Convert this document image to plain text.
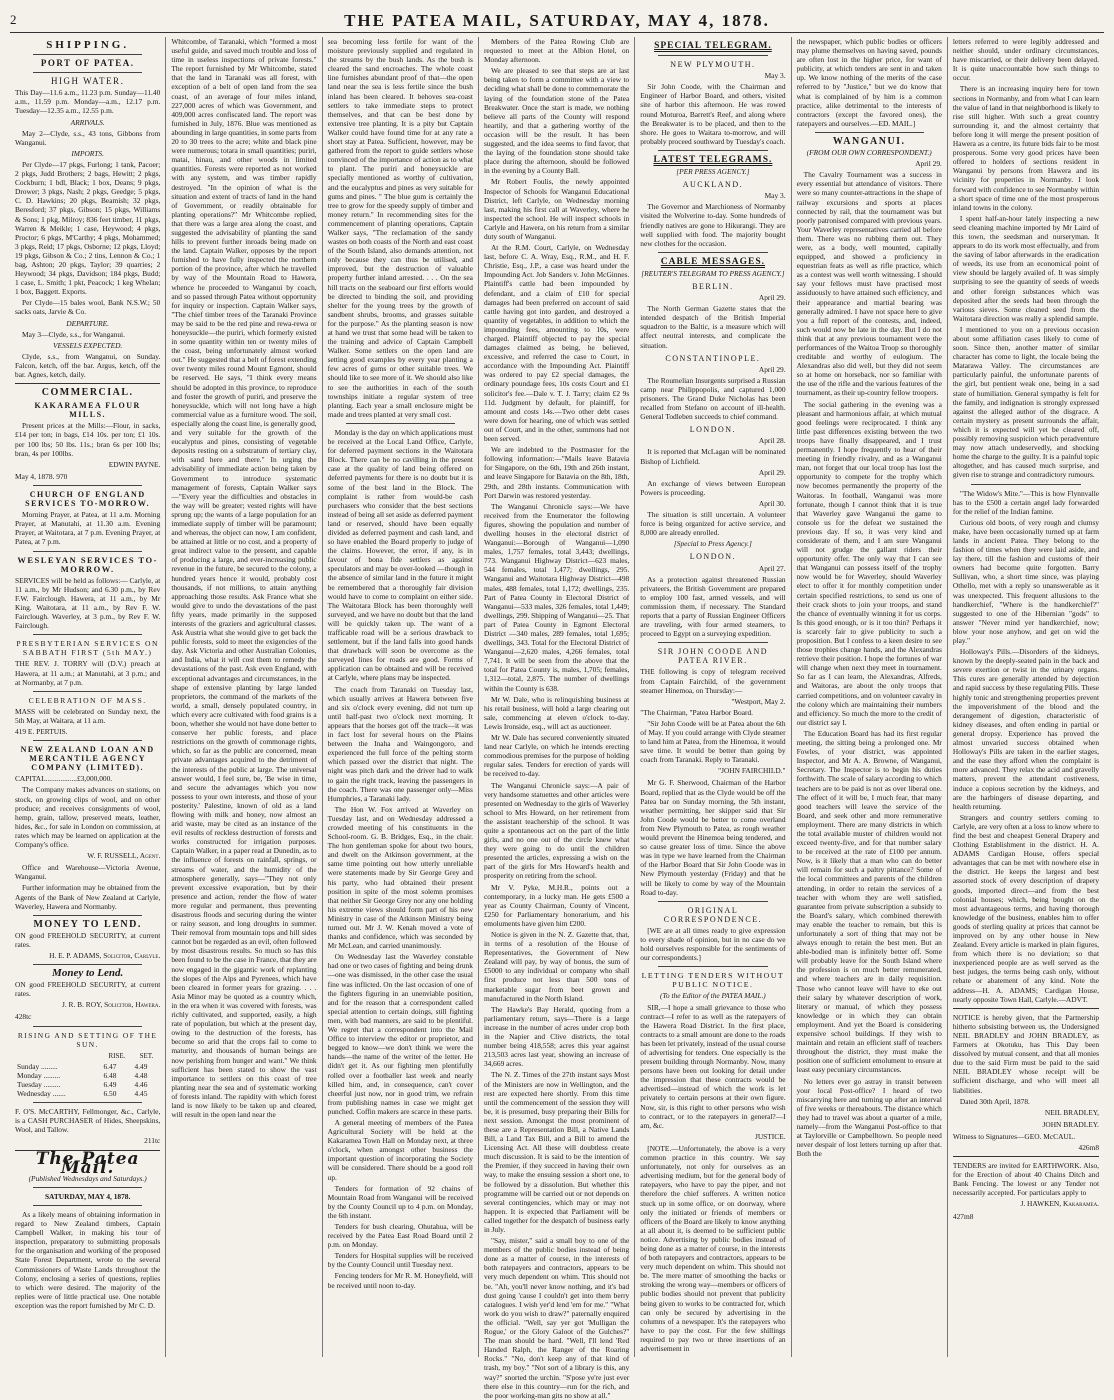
2	THE PATEA MAIL, SATURDAY, MAY 4, 1878.
SHIPPING.
PORT OF PATEA.
HIGH WATER.

This Day—11.6 a.m., 11.23 p.m. Sunday—11.40 a.m., 11.59 p.m. Monday—a.m., 12.17 p.m. Tuesday—12.35 a.m., 12.55 p.m.

ARRIVALS.

May 2—Clyde, s.s., 43 tons, Gibbons from Wanganui.

IMPORTS.

Per Clyde—17 pkgs, Furlong; 1 tank, Pacoer; 2 pkgs, Judd Brothers; 2 bags, Hewitt; 2 pkgs, Cockburn; 1 bdl, Black; 1 box, Deans; 9 pkgs, Drower; 3 pkgs, Nash; 2 pkgs, Geedge; 5 pkgs, C. D. Hawkins; 20 pkgs, Beamish; 32 pkgs, Beresford; 37 pkgs, Gibson; 15 pkgs, Williams & Sons; 1 pkg, Milroy; 836 feet timber, 11 pkgs, Warren & Meikle; 1 case, Heywood; 4 pkgs, Proctor; 6 pkgs, M'Carthy; 4 pkgs, Mohammed; 3 pkgs, Reid; 17 pkgs, Osborne; 12 pkgs, Lloyd; 19 pkgs, Gibson & Co.; 2 tins, Lennon & Co.; 1 bag, Ashton; 20 pkgs, Taylor; 39 quarries; 2 Heywood; 34 pkgs, Davidson; 184 pkgs, Budd; 1 case, L. Smith; 1 pkt, Peacock; 1 keg Whelan; 1 box, Baggett. Exports.

Per Clyde—15 bales wool, Bank N.S.W.; 50 sacks oats, Jarvie & Co.

DEPARTURE.

May 3—Clyde, s.s., for Wanganui.

VESSELS EXPECTED.

Clyde, s.s., from Wanganui, on Sunday. Falcon, ketch, off the bar. Argus, ketch, off the bar. Agnes, ketch, daily.

COMMERCIAL.
KAKARAMEA FLOUR MILLS.

Present prices at the Mills:—Flour, in sacks, £14 per ton; in bags, £14 10s. per ton; £1 10s. per 100 lbs; 50 lbs. 11s.; bran 6s per 100 lbs; bran, 4s per 100lbs.

EDWIN PAYNE.

May 4, 1878. 970

CHURCH OF ENGLAND SERVICES TO-MORROW.

Morning Prayer, at Patea, at 11 a.m. Morning Prayer, at Manutahi, at 11.30 a.m. Evening Prayer, at Waitotara, at 7 p.m. Evening Prayer, at Patea, at 7 p.m.

WESLEYAN SERVICES TO-MORROW.

SERVICES will be held as follows:— Carlyle, at 11 a.m., by Mr Hudson; and 6.30 p.m., by Rev F.W. Fairclough. Hawera, at 11 a.m., by Mr King. Waitotara, at 11 a.m., by Rev F. W. Fairclough. Waverley, at 3 p.m., by Rev F. W. Fairclough.

PRESBYTERIAN SERVICES ON SABBATH FIRST (5th MAY.)

THE REV. J. TORRY will (D.V.) preach at Hawera, at 11 a.m.; at Manutahi, at 3 p.m.; and at Normanby, at 7 p.m.

CELEBRATION OF MASS.

MASS will be celebrated on Sunday next, the 5th May, at Waitara, at 11 a.m.

419 E. PERTUIS.

NEW ZEALAND LOAN AND MERCANTILE AGENCY COMPANY (LIMITED).

CAPITAL.................£3,000,000.

The Company makes advances on stations, on stock, on growing clips of wool, and on other produce; and receives consignments of wool, hemp, grain, tallow, preserved meats, leather, hides, &c., for sale in London on commission, at rates which may be learned on application at the Company's office.

W. F. RUSSELL, Agent.

Office and Warehouse—Victoria Avenue, Wanganui.

Further information may be obtained from the Agents of the Bank of New Zealand at Carlyle, Waverley, Hawera and Normanby.

MONEY TO LEND.

ON good FREEHOLD SECURITY, at current rates.

H. E. P. ADAMS, Solicitor, Carlyle.
Money to Lend.

ON good FREEHOLD SECURITY, at current rates.

J. R. B. ROY, Solicitor, Hawera.

428tc

RISING AND SETTING OF THE SUN.
	RISE.	SET.
Sunday .........	6.47	4.49
Monday .........	6.48	4.48
Tuesday .........	6.49	4.46
Wednesday .......	6.50	4.45

F. O'S. McCARTHY, Fellmonger, &c., Carlyle, is a CASH PURCHASER of Hides, Sheepskins, Wool, and Tallow.

211tc

The Patea Mail.
(Published Wednesdays and Saturdays.)
SATURDAY, MAY 4, 1878.

As a likely means of obtaining information in regard to New Zealand timbers, Captain Campbell Walker, in making his tour of inspection, preparatory to submitting proposals for the organisation and working of the proposed State Forest Department, wrote to the several Commissioners of Waste Lands throughout the Colony, enclosing a series of questions, replies to which were desired. The majority of the replies were of little practical use. One notable exception was the report furnished by Mr C. D.

Whitcombe, of Taranaki, which "formed a most useful guide, and saved much trouble and loss of time in useless inspections of private forests." The report furnished by Mr Whitcombe, stated that the land in Taranaki was all forest, with exception of a belt of open land from the sea coast, of an average of four miles inland, 227,000 acres of which was Government, and 409,000 acres confiscated land. The report was furnished in July, 1876. Blue was mentioned as abounding in large quantities, in some parts from 20 to 30 trees to the acre; white and black pine were numerous; totara in small quantities; puriri, matai, hinau, and other woods in limited quantities. Forests were reported as not worked with any system, and was timber rapidly destroyed. "In the opinion of what is the situation and extent of tracts of land in the hand of Government, or readily obtainable for planting operations?" Mr Whitcombe replied, that there was a large area along the coast, and suggested the advisability of planting the sand hills to prevent further inroads being made on the land. Captain Walker, opposes by the report furnished to have fully inspected the northern portion of the province, after which he travelled by way of the Mountain Road to Hawera, whence he proceeded to Wanganui by coach, and so passed through Patea without opportunity for inquiry or inspection. Captain Walker says, "The chief timber trees of the Taranaki Province may be said to be the red pine and rewa-rewa or honeysuckle—the puriri, which formerly existed in some quantity within ten or twenty miles of the coast, being unfortunately almost worked out." He suggested that a belt of forest extending over twenty miles round Mount Egmont, should be reserved. He says, "I think every means should be adopted in this province, to reproduce and foster the growth of puriri, and preserve the honeysuckle, which will not long have a high commercial value as a furniture wood. The soil, especially along the coast line, is generally good, and very suitable for the growth of the eucalyptus and pines, consisting of vegetable deposits resting on a substratum of tertiary clay, with sand here and there." In urging the advisability of immediate action being taken by Government to introduce systematic management of forests, Captain Walker says—"Every year the difficulties and obstacles in the way will be greater; vested rights will have sprung up; the wants of a large population for an immediate supply of timber will be paramount; and whereas, the object can now, I am confident, be attained at little or no cost, and a property of great indirect value to the present, and capable of producing a large, and ever-increasing public revenue in the future, be secured to the colony, a hundred years hence it would, probably cost thousands, if not millions, to attain anything approaching those results. Ask France what she would give to undo the devastations of the past fifty years, made primarily in the supposed interests of the graziers and agricultural classes. Ask Austria what she would give to get back the public forests, sold to meet the exigencies of the day. Ask Victoria and other Australian Colonies, and India, what it will cost them to remedy the devastations of the past. Ask even England, with exceptional advantages and circumstances, in the shape of extensive planting by large landed proprietors, the command of the markets of the world, a small, densely populated country, in which every acre cultivated with food grains is a boon, whether she would not have done better to conserve her public forests, and place restrictions on the growth of commonage rights, which, so far as the public are concerned, mean private advantages acquired to the detriment of the interests of the public at large. The universal answer would, I feel sure, be, 'Be wise in time, and secure the advantages which you now possess to your own interests, and those of your posterity.' Palestine, known of old as a land flowing with milk and honey, now almost an arid waste, may be cited as an instance of the evil results of reckless destruction of forests and works constructed for irrigation purposes. Captain Walker, in a paper read at Dunedin, as to the influence of forests on rainfall, springs, or streams of water, and the humidity of the atmosphere generally, says—"They not only prevent excessive evaporation, but by their presence and action, render the flow of water more regular and permanent, thus preventing disastrous floods and securing during the winter or rainy season, and long droughts in summer. Their removal from mountain tops and hill sides cannot but be regarded as an evil, often followed by most disastrous results. So much so has this been found to be the case in France, that they are now engaged in the gigantic work of replanting the slopes of the Alps and Pyrenees, which have been cleared in former years for grazing. . . . Asia Minor may be quoted as a country which, in the era when it was covered with forests, was richly cultivated, and supported, easily, a high rate of population, but which at the present day, owing to the destruction of the forests, has become so arid that the crops fail to come to maturity, and thousands of human beings are now perishing from hunger and want." We think sufficient has been stated to show the vast importance to settlers on this coast of tree planting near the sea and of systematic working of forests inland. The rapidity with which forest land is now likely to be taken up and cleared, will result in the open land near the

sea becoming less fertile for want of the moisture previously supplied and regulated in the streams by the bush lands. As the bush is cleared the sand encroaches. The whole coast line furnishes abundant proof of that—the open land near the sea is less fertile since the bush inland has been cleared. It behoves sea-coast settlers to take immediate steps to protect themselves, and that can be best done by extensive tree planting. It is a pity but Captain Walker could have found time for at any rate a short stay at Patea. Sufficient, however, may be gathered from the report to guide settlers whose convinced of the importance of action as to what to plant. The puriri and honeysuckle are specially mentioned as worthy of cultivation, and the eucalyptus and pines as very suitable for gums and pines. " The blue gum is certainly the tree to grow for the speedy supply of timber and money return." In recommending sites for the commencement of planting operations, Captain Walker says, "The reclamation of the sandy wastes on both coasts of the North and east coast of the South Island, also demands attention, not only because they can thus be utilised, and improved, but the destruction of valuable property further inland arrested. . . . On the sea hill tracts on the seaboard our first efforts would be directed to binding the soil, and providing shelter for the young trees by the growth of sandbent shrubs, brooms, and grasses suitable for the purpose." As the planting season is now at hand we trust that some head will be taken to the training and advice of Captain Campbell Walker. Some settlers on the open land are setting good examples by every year planting a few acres of gums or other suitable trees. We should like to see more of it. We should also like to see the authorities in each of the south townships initiate a regular system of tree planting. Each year a small enclosure might be made and trees planted at very small cost.

Monday is the day on which applications must be received at the Local Land Office, Carlyle, for deferred payment sections in the Waitotara Block. There can be no cavilling in the present case at the quality of land being offered on deferred payments for there is no doubt but it is some of the best land in the Block. The complaint is rather from would-be cash purchasers who consider that the best sections instead of being all set aside as deferred payment land or reserved, should have been equally divided as deferred payment and cash land, and so have enabled the Board properly to judge of the claims. However, the error, if any, is in favour of bona fide settlers as against speculators and may be over-looked —though in the absence of similar land in the future it might be remembered that a thoroughly fair division would have to come to complaint on either side. The Waitotara Block has been thoroughly well surveyed, and we have no doubt but that the land will be quickly taken up. The want of a trafficable road will be a serious drawback to settlement, but if the land falls into good hands that drawback will soon be overcome as the surveyed lines for roads are good. Forms of application can be obtained and will be received at Carlyle, where plans may be inspected.

The coach from Taranaki on Tuesday last, which usually arrives at Hawera between five and six o'clock every evening, did not turn up until half-past two o'clock next morning. It appears that the horses got off the track—it was in fact lost for several hours on the Plains between the Inaha and Waingongoro, and experienced the full force of the pelting storm which passed over the district that night. The night was pitch dark and the driver had to walk to gain the right track, leaving the passengers in the coach. There was one passenger only—Miss Humphries, a Taranaki lady.

The Hon W. Fox arrived at Waverley on Tuesday last, and on Wednesday addressed a crowded meeting of his constituents in the School-room. G. B. Bridges, Esq., in the chair. The hon gentleman spoke for about two hours, and dwelt on the Atkinson government, at the same time pointing out how utterly unreliable were statements made by Sir George Grey and his party, who had obtained their present position in spite of the most solemn promises that neither Sir George Grey nor any one holding his extreme views should form part of his new Ministry in case of the Atkinson Ministry being turned out. Mr J. W. Kenah moved a vote of thanks and confidence, which was seconded by Mr McLean, and carried unanimously.

On Wednesday last the Waverley constable had one or two cases of fighting and being drunk—one was dismissed, in the other case the usual fine was inflicted. On the last occasion of one of the fighters figuring in an unenviable position, and for the reason that a correspondent called special attention to certain doings, still fighting men, with bad manners, are said to be plentiful. We regret that a correspondent into the Mail Office to interview the editor or proprietor, and begged to know—we don't think we were the hands—the name of the writer of the letter. He didn't get it. As our fighting men plentifully rolled over a footballer last week and nearly killed him, and, in consequence, can't cover cheerful just now, nor in good trim, we refrain from publishing names in case we might get punched. Coffin makers are scarce in these parts.

A general meeting of members of the Patea Agricultural Society will be held at the Kakaramea Town Hall on Monday next, at three o'clock, when amongst other business the important question of incorporating the Society will be considered. There should be a good roll up.

Tenders for formation of 92 chains of Mountain Road from Wanganui will be received by the County Council up to 4 p.m. on Monday, the 6th instant.

Tenders for bush clearing, Ohutahua, will be received by the Patea East Road Board until 2 p.m. on Monday.

Tenders for Hospital supplies will be received by the County Council until Tuesday next.

Fencing tenders for Mr R. M. Honeyfield, will be received until noon to-day.

Members of the Patea Rowing Club are requested to meet at the Albion Hotel, on Monday afternoon.

We are pleased to see that steps are at last being taken to form a committee with a view to deciding what shall be done to commemorate the laying of the foundation stone of the Patea Breakwater. Once the start is made, we nothing believe all parts of the County will respond heartily, and that a gathering worthy of the occasion will be the result. It has been suggested, and the idea seems to find favor, that the laying of the foundation stone should take place during the afternoon, should be followed in the evening by a County Ball.

Mr Robert Foulis, the newly appointed Inspector of Schools for Wanganui Educational District, left Carlyle, on Wednesday morning last, making his first call at Waverley, where he inspected the school. He will inspect schools in Carlyle and Hawera, on his return from a similar duty south of Wanganui.

At the R.M. Court, Carlyle, on Wednesday last, before C. A. Wray, Esq., R.M., and H. F. Christie, Esq., J.P., a case was heard under the Impounding Act. Job Sanders v. John McGinnes. Plaintiff's cattle had been impounded by defendant, and a claim of £10 for special damages had been preferred on account of said cattle having got into garden, and destroyed a quantity of vegetables, in addition to which the impounding fees, amounting to 10s, were charged. Plaintiff objected to pay the special damages claimed as being, he believed, excessive, and referred the case to Court, in accordance with the Impounding Act. Plaintiff was ordered to pay £2 special damages, the ordinary poundage fees, 10s costs Court and £1 solicitor's fee.—Dale v. T. J. Tarry; claim £2 9s 11d. Judgment by default, for plaintiff, for amount and costs 14s.—Two other debt cases were down for hearing, one of which was settled out of Court, and in the other, summons had not been served.

We are indebted to the Postmaster for the following information:—"Mails leave Batavia for Singapore, on the 6th, 19th and 26th instant, and leave Singapore for Batavia on the 8th, 18th, 29th, and 28th instants. Communication with Port Darwin was restored yesterday.

The Wanganui Chronicle says:—We have received from the Enumerator the following figures, showing the population and number of dwelling houses in the electoral district of Wanganui:—Borough of Wanganui—1,090 males, 1,757 females, total 3,443; dwellings, 773. Wanganui Highway District—623 males, 544 females, total 1,477; dwellings, 295. Wanganui and Waitotara Highway District—498 males, 488 females, total 1,172; dwellings, 235. Part of Patea County in Electoral District of Wanganui—533 males, 326 females, total 1,449; dwellings, 299. Shipping of Wanganui—25. That part of Patea County in Egmont Electoral District —340 males, 289 females, total 1,695; dwellings, 343. Total for the Electoral District of Wanganui—2,620 males, 4,266 females, total 7,741. It will be seen from the above that the total for Patea County is, males, 1,705; females, 1,312—total, 2,875. The number of dwellings within the County is 638.

Mr W. Dale, who is relinquishing business at his retail business, will hold a large clearing out sale, commencing at eleven o'clock to-day. Lewis Ironside, esq., will act as auctioneer.

Mr W. Dale has secured conveniently situated land near Carlyle, on which he intends erecting commodious premises for the purpose of holding regular sales. Tenders for erection of yards will be received to-day.

The Wanganui Chronicle says:—A pair of very handsome statuettes and other articles were presented on Wednesday to the girls of Waverley school to Mrs Howard, on her retirement from the assistant teachership of the school. It was quite a spontaneous act on the part of the little girls, and no one out of the circle knew what they were going to do until the children presented the articles, expressing a wish on the part of the girls for Mrs Howard's health and prosperity on retiring from the school.

Mr V. Pyke, M.H.R., points out a contemporary, in a lucky man. He gets £500 a year as County Chairman, County of Vincent, £250 for Parliamentary honorarium, and his emoluments have given him £200.

Notice is given in the N. Z. Gazette that, that, in terms of a resolution of the House of Representatives, the Government of New Zealand will pay, by way of bonus, the sum of £5000 to any individual or company who shall first produce not less than 500 tons of marketable sugar from beet grown and manufactured in the North Island.

The Hawke's Bay Herald, quoting from a parliamentary return, says—There is a large increase in the number of acres under crop both in the Napier and Clive districts, the total number being 418,558; acres this year against 213,503 acres last year, showing an increase of 34,669 acres.

The N. Z. Times of the 27th instant says Most of the Ministers are now in Wellington, and the rest are expected here shortly. From this time until the commencement of the session they will be, it is presumed, busy preparing their Bills for next session. Amongst the most prominent of these are a Representation Bill, a Native Lands Bill, a Land Tax Bill, and a Bill to amend the Licensing Act. All these will doubtless create much discussion. It is said to be the intention of the Premier, if they succeed in having their own way, to make the ensuing session a short one, to be followed by a dissolution. But whether this programme will be carried out or not depends on several contingencies, which may or may not happen. It is expected that Parliament will be called together for the despatch of business early in July.

"Say, mister," said a small boy to one of the members of the public bodies instead of being done as a matter of course, in the interests of both ratepayers and contractors, appears to be very much dependent on whim. This should not be. "Ah, you'll never know nothing, and it's bad dust going 'cause I couldn't get into them berry catalogues. I wish yer'd lend 'em for me." "What work do you wish to draw?" paternally enquired the official. "Well, say yer got 'Mulligan the Rogue,' or the Glory Galoot of the Gulches?" The man should be hard. "Well, I'll lend 'Red Handed Ralph, the Ranger of the Roaring Rocks." "No, don't keep any of that kind of trash, my boy." "Not sort of a library is this, any way?" snorted the urchin. "S'pose ye're just ever there else in this country—run for the rich, and the poor working-man gits no show at all."

SPECIAL TELEGRAM.
NEW PLYMOUTH.

May 3.

Sir John Coode, with the Chairman and Engineer of Harbor Board, and others, visited site of harbor this afternoon. He was rowed round Moturoa, Barrett's Reef, and along where the Breakwater is to be placed, and then to the shore. He goes to Waitara to-morrow, and will probably proceed southward by Tuesday's coach.

LATEST TELEGRAMS.
[PER PRESS AGENCY.]
AUCKLAND.

May 3.

The Governor and Marchioness of Normanby visited the Wolverine to-day. Some hundreds of friendly natives are gone to Hikurangi. They are well supplied with food. The majority bought new clothes for the occasion.

CABLE MESSAGES.
[REUTER'S TELEGRAM TO PRESS AGENCY.]
BERLIN.

April 29.

The North German Gazette states that the intended despatch of the British Imperial squadron to the Baltic, is a measure which will affect neutral interests, and complicate the situation.

CONSTANTINOPLE.

April 29.

The Roumelian Insurgents surprised a Russian camp near Philippopolis, and captured 1,000 prisoners. The Grand Duke Nicholas has been recalled from Stefano on account of ill-health. General Todleben succeeds to chief command.

LONDON.

April 28.

It is reported that McLagan will be nominated Bishop of Lichfield.

April 29.

An exchange of views between European Powers is proceeding.

April 30.

The situation is still uncertain. A volunteer force is being organized for active service, and 8,000 are already enrolled.

[Special to Press Agency.]
LONDON.

April 27.

As a protection against threatened Russian privateers, the British Government are prepared to employ 100 fast, armed vessels, and will commission them, if necessary. The Standard reports that a party of Russian Engineer Officers are traveling, with four armed steamers, to proceed to Egypt on a surveying expedition.

SIR JOHN COODE AND PATEA RIVER.

THE following is copy of telegram received from Captain Fairchild, of the government steamer Hinemoa, on Thursday:—

"Westport, May 2.

"The Chairman, "Patea Harbor Board.

"Sir John Coode will be at Patea about the 6th of May. If you could arrange with Clyde steamer to land him at Patea, from the Hinemoa, it would save time. It would be better than going by coach from Taranaki. Reply to Taranaki.

"JOHN FAIRCHILD."

Mr G. F. Sherwood, Chairman of the Harbor Board, replied that as the Clyde would be off the Patea bar on Sunday morning, the 5th instant, weather permitting, her skipper said that Sir John Coode would be better to come overland from New Plymouth to Patea, as rough weather would prevent the Hinemoa being tendered, and so cause greater loss of time. Since the above was in type we have learned from the Chairman of the Harbor Board that Sir John Coode was in New Plymouth yesterday (Friday) and that he will be likely to come by way of the Mountain Road to-day.

ORIGINAL CORRESPONDENCE.

[WE are at all times ready to give expression to every shade of opinion, but in no case do we hold ourselves responsible for the sentiments of our correspondents.]

LETTING TENDERS WITHOUT PUBLIC NOTICE.
(To the Editor of the PATEA MAIL.)

SIR,—I hope a small grievance to those who contract—I refer to as well as the ratepayers of the Hawera Road District. In the first place, contracts to a small amount are done to the roads has been let privately, instead of the usual course of advertising for tenders. One especially is the present building through Normanby. Now, many persons have been out looking for detail under the impression that these contracts would be advertised—instead of which the work is let privately to certain persons at their own figure. Now, sir, is this right to other persons who wish to contract, or to the ratepayers in general?—I am, &c.

JUSTICE.

[NOTE.—Unfortunately, the above is a very common practice in this country. We say unfortunately, not only for ourselves as an advertising medium, but for the general body of ratepayers, who have to pay the piper, and not therefore the chief sufferers. A written notice stuck up in some office, or on doorway, where only the initiated or friends of members or officers of the Board are likely to know anything at all about it, is deemed to be sufficient public notice. Advertising by public bodies instead of being done as a matter of course, in the interests of both ratepayers and contractors, appears to be very much dependent on whim. This should not be. The mere matter of smoothing the backs or stroking the wrong way—members or officers of public bodies should not prevent that publicity being given to works to be contracted for, which can only be secured by advertising in the columns of a newspaper. It's the ratepayers who have to pay the cost. For the few shillings required to pay two or three insertions of an advertisement in

the newspaper, which public bodies or officers may plume themselves on having saved, pounds are often lost in the higher price, for want of publicity, at which tenders are sent in and taken up. We know nothing of the merits of the case referred to by "Justice," but we do know that what is complained of by him is a common practice, alike detrimental to the interests of contractors (except the favored ones), the ratepayers and ourselves.—ED. MAIL.]

WANGANUI.
(FROM OUR OWN CORRESPONDENT.)

April 29.

The Cavalry Tournament was a success in every essential but attendance of visitors. There were so many counter-attractions in the shape of railway excursions and sports at places connected by rail, that the tournament was but poorly patronised compared with previous years. Your Waverley representatives carried all before them. There was no rubbing them out. They were, as a body, well mounted, capitally equipped, and showed a proficiency in equestrian feats as well as rifle practice, which as a contest was well worth witnessing. I should say your fellows must have practised most assiduously to have attained such efficiency, and their appearance and martial bearing was generally admired. I have not space here to give you a full report of the contests, and, indeed, such would now be late in the day. But I do not think that at any previous tournament were the performances of the Waitoa Troop so thoroughly creditable and worthy of eulogium. The Alexandras also did well, but they did not seem so at home on horseback, nor so familiar with the use of the rifle and the various features of the tournament, as their up-country fellow troopers.

The social gathering in the evening was a pleasant and harmonious affair, at which mutual good feelings were reciprocated. I think any little past differences existing between the two troops have finally disappeared, and I trust permanently. I hope frequently to hear of their meeting in friendly rivalry, and as a Wanganui man, not forget that our local troop has lost the opportunity to compete for the trophy which now becomes permanently the property of the Waitoras. In football, Wanganui was more fortunate, though I cannot think that it is true that Waverley gave Wanganui the game to console us for the defeat we sustained the previous day. If so, it was very kind and considerate of them, and I am sure Wanganui will not grudge the gallant riders their opportunity offer. The only way that I can see that Wanganui can possess itself of the trophy now would be for Waverley, should Waverley elect to offer it for monthly competition under certain specified restrictions, to send us one of their crack shots to join your troops, and stand the chance of eventually winning it for us corps. Is this good enough, or is it too thin? Perhaps it is scarcely fair to give publicity to such a proposition. But I confess to a keen desire to see those trophies change hands, and the Alexandras retrieve their position. I hope the fortunes of war will change when next they meet in tournament. So far as I can learn, the Alexandras, Alfreds, and Waitoras, are about the only troops that carried competitions, and on volunteer cavalry in the colony which are maintaining their numbers and efficiency. So much the more to the credit of our district say I.

The Education Board has had its first regular meeting, the sitting being a prolonged one. Mr Fowles, of your district, was appointed Inspector, and Mr A. A. Browne, of Wanganui, Secretary. The Inspector is to begin his duties forthwith. The scale of salary according to which teachers are to be paid is not as over liberal one. The effect of it will be, I much fear, that many good teachers will leave the service of the Board, and seek other and more remunerative employment. There are many districts in which the total available muster of children would not exceed twenty-five, and for that number salary to be received at the rate of £100 per annum. Now, is it likely that a man who can do better will remain for such a paltry pittance? Some of the local committees and parents of the children attending, in order to retain the services of a teacher with whom they are well satisfied, guarantee from private subscription a subsidy to the Board's salary, which combined therewith may enable the teacher to remain, but this is unfortunately a sort of thing that may not be always enough to retain the best men. But an able-bodied man is infinitely better off. Some will probably leave for the South Island where the profession is on much better remunerated, and where teachers are in daily requisition. Those who cannot leave will have to eke out their salary by whatever description of work, literary or manual, of which they possess knowledge or in which they can obtain employment. And yet the Board is considering expensive school buildings. If they wish to maintain and retain an efficient staff of teachers throughout the district, they must make the position one of sufficient emolument to ensure at least easy pecuniary circumstances.

No letters ever go astray in transit between your local Post-office? I heard of two miscarrying here and turning up after an interval of five weeks or thereabouts. The distance which they had to travel was about a quarter of a mile, namely—from the Wanganui Post-office to that at Taylorville or Campbelltown. So people need never despair of lost letters turning up after that. Both the

letters referred to were legibly addressed and neither should, under ordinary circumstances, have miscarried, or their delivery been delayed. It is quite unaccountable how such things to occur.

There is an increasing inquiry here for town sections in Normanby, and from what I can learn the value of land in that neighborhood is likely to rise still higher. With such a great country surrounding it, and the almost certainty that before long it will merge the present position of Hawera as a centre, its future bids fair to be most prosperous. Some very good prices have been offered to holders of sections resident in Wanganui by persons from Hawera and its vicinity for properties in Normanby. I look forward with confidence to see Normanby within a short space of time one of the most prosperous inland towns in the colony.

I spent half-an-hour lately inspecting a new seed cleaning machine imported by Mr Laird of this town, the seedsman and nurseryman. It appears to do its work most effectually, and from the saving of labor afterwards in the eradication of weeds, its use from an economical point of view should be largely availed of. It was simply surprising to see the quantity of seeds of weeds and other foreign substances which was deposited after the seeds had been through the various sieves. Some cleaned seed from the Waitotara direction was really a splendid sample.

I mentioned to you on a previous occasion about some affiliation cases likely to come of soon. Since then, another matter of similar character has come to light, the locale being the Matarawa Valley. The circumstances are particularly painful, the unfortunate parents of the girl, but pentient weak one, being in a sad state of humiliation. General sympathy is felt for the family, and indignation is strongly expressed against the alleged author of the disgrace. A certain mystery as present surrounds the affair, which it is expected will yet be cleared off, possibly removing suspicion which peradventure may now attach undeservedly, and shocking home the charge to the guilty. It is a painful topic altogether, and has caused much surprise, and given rise to strange and contradictory rumours.

"The Widow's Mite."—This is how Flynnvalle has to the £500 a certain angel lady forwarded for the relief of the Indian famine.

Curious old boots, of very rough and clumsy make, have been occasionally turned up at farm lands in ancient Patea. They belong to the fashion of times when they were laid aside, and lay there, till the fashion and customs of their owners had become quite forgotten. Barry Sullivan, who, a short time since, was playing Othello, met with a reply so unanswerable as it was unexpected. This frequent allusions to the handkerchief, "Where is the handkerchief?" suggested to one of the Hibernian "gods" to answer "Never mind yer handkerchief, now; blow your nose anyhow, and get on wid the play."

Holloway's Pills.—Disorders of the kidneys, known by the deeply-seated pain in the back and severe exertion or twist in the urinary organs. This cures are generally attended by dejection and rapid success by these regulating Pills. These highly tonic and strengthening properties prevent the impoverishment of the blood and the derangement of digestion, characteristic of kidney diseases, and often ending in partial or general dropsy. Experience has proved the almost unvaried success obtained when Holloway's Pills are taken in the earlier stages, and the ease they afford when the complaint is more advanced. They relax the acid and gravelly matters, prevent the attendant costiveness, induce a copious secretion by the kidneys, and are the harbingers of disease departing, and health returning.

Strangers and country settlers coming to Carlyle, are very often at a loss to know where to find the best and cheapest General Drapery and Clothing Establishment in the district. H. A. ADAMS Cardigan House, offers special advantages that can be met with nowhere else in the district. He keeps the largest and best assorted stock of every description of drapery goods, imported direct—and from the best colonial houses; which, being bought on the most advantageous terms, and having thorough knowledge of the business, enables him to offer goods of sterling quality at prices that cannot be improved on by any other house in New Zealand. Every article is marked in plain figures, from which there is no deviation; so that inexperienced people are as well served as the best judges, the terms being cash only, without rebate or abatement of any kind. Note the address—H. A. ADAMS; Cardigan House, nearly opposite Town Hall, Carlyle.—ADVT.

NOTICE is hereby given, that the Partnership hitherto subsisting between us, the Undersigned NEIL BRADLEY and JOHN BRADLEY, as Farmers at Okotuku, has This Day been dissolved by mutual consent, and that all monies due to the said Firm must be paid to the said NEIL BRADLEY whose receipt will be sufficient discharge, and who will meet all liabilities.

Dated 30th April, 1878.

NEIL BRADLEY,
JOHN BRADLEY.

Witness to Signatures—GEO. McCAUL.

426m8

TENDERS are invited for EARTHWORK. Also, for the Erection of about 40 Chains Ditch and Bank Fencing. The lowest or any Tender not necessarily accepted. For particulars apply to

J. HAWKEN, Kakaramea.

427m8
